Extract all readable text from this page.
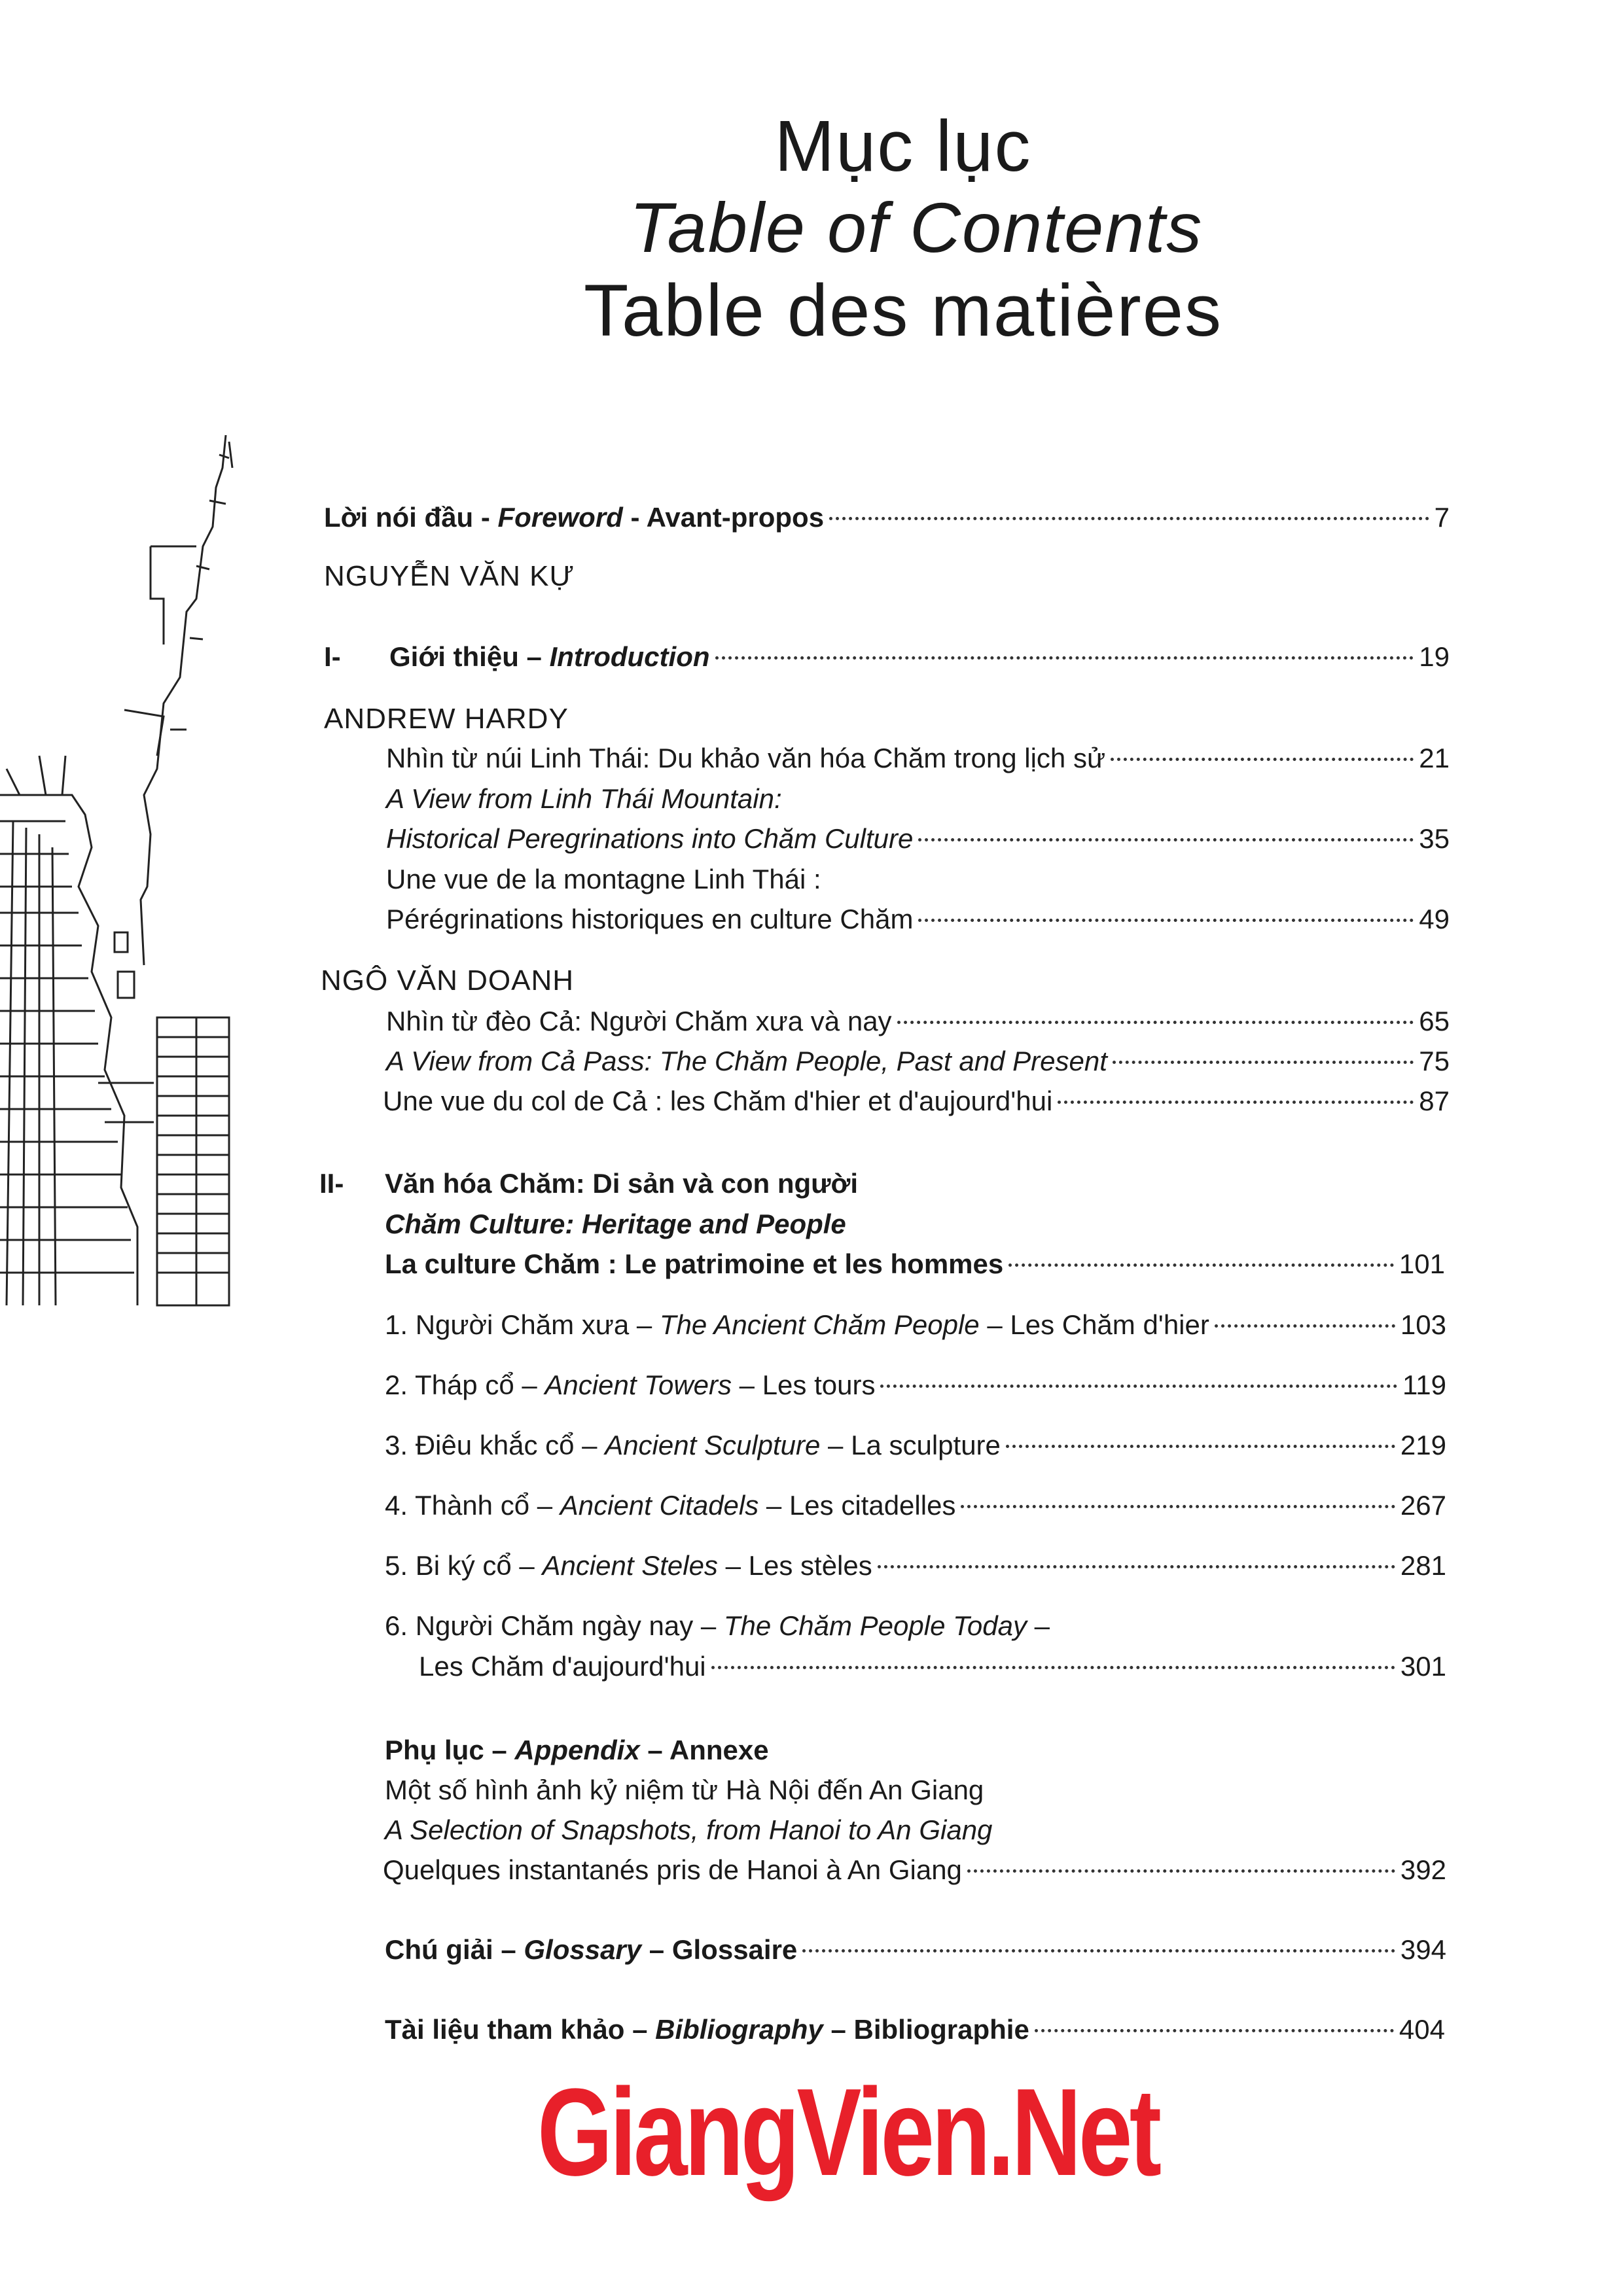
Mục lục
Table of Contents
Table des matières
Lời nói đầu - Foreword - Avant-propos	7
NGUYỄN VĂN KỰ
I- Giới thiệu – Introduction	19
ANDREW HARDY
Nhìn từ núi Linh Thái: Du khảo văn hóa Chăm trong lịch sử	21
A View from Linh Thái Mountain:
Historical Peregrinations into Chăm Culture	35
Une vue de la montagne Linh Thái :
Pérégrinations historiques en culture Chăm	49
NGÔ VĂN DOANH
Nhìn từ đèo Cả: Người Chăm xưa và nay	65
A View from Cả Pass: The Chăm People, Past and Present	75
Une vue du col de Cả : les Chăm d'hier et d'aujourd'hui	87
II- Văn hóa Chăm: Di sản và con người
Chăm Culture: Heritage and People
La culture Chăm : Le patrimoine et les hommes	101
1. Người Chăm xưa – The Ancient Chăm People – Les Chăm d'hier	103
2. Tháp cổ – Ancient Towers – Les tours	119
3. Điêu khắc cổ – Ancient Sculpture – La sculpture	219
4. Thành cổ – Ancient Citadels – Les citadelles	267
5. Bi ký cổ – Ancient Steles – Les stèles	281
6. Người Chăm ngày nay – The Chăm People Today –
Les Chăm d'aujourd'hui	301
Phụ lục – Appendix – Annexe
Một số hình ảnh kỷ niệm từ Hà Nội đến An Giang
A Selection of Snapshots, from Hanoi to An Giang
Quelques instantanés pris de Hanoi à An Giang	392
Chú giải – Glossary – Glossaire	394
Tài liệu tham khảo – Bibliography – Bibliographie	404
GiangVien.Net
